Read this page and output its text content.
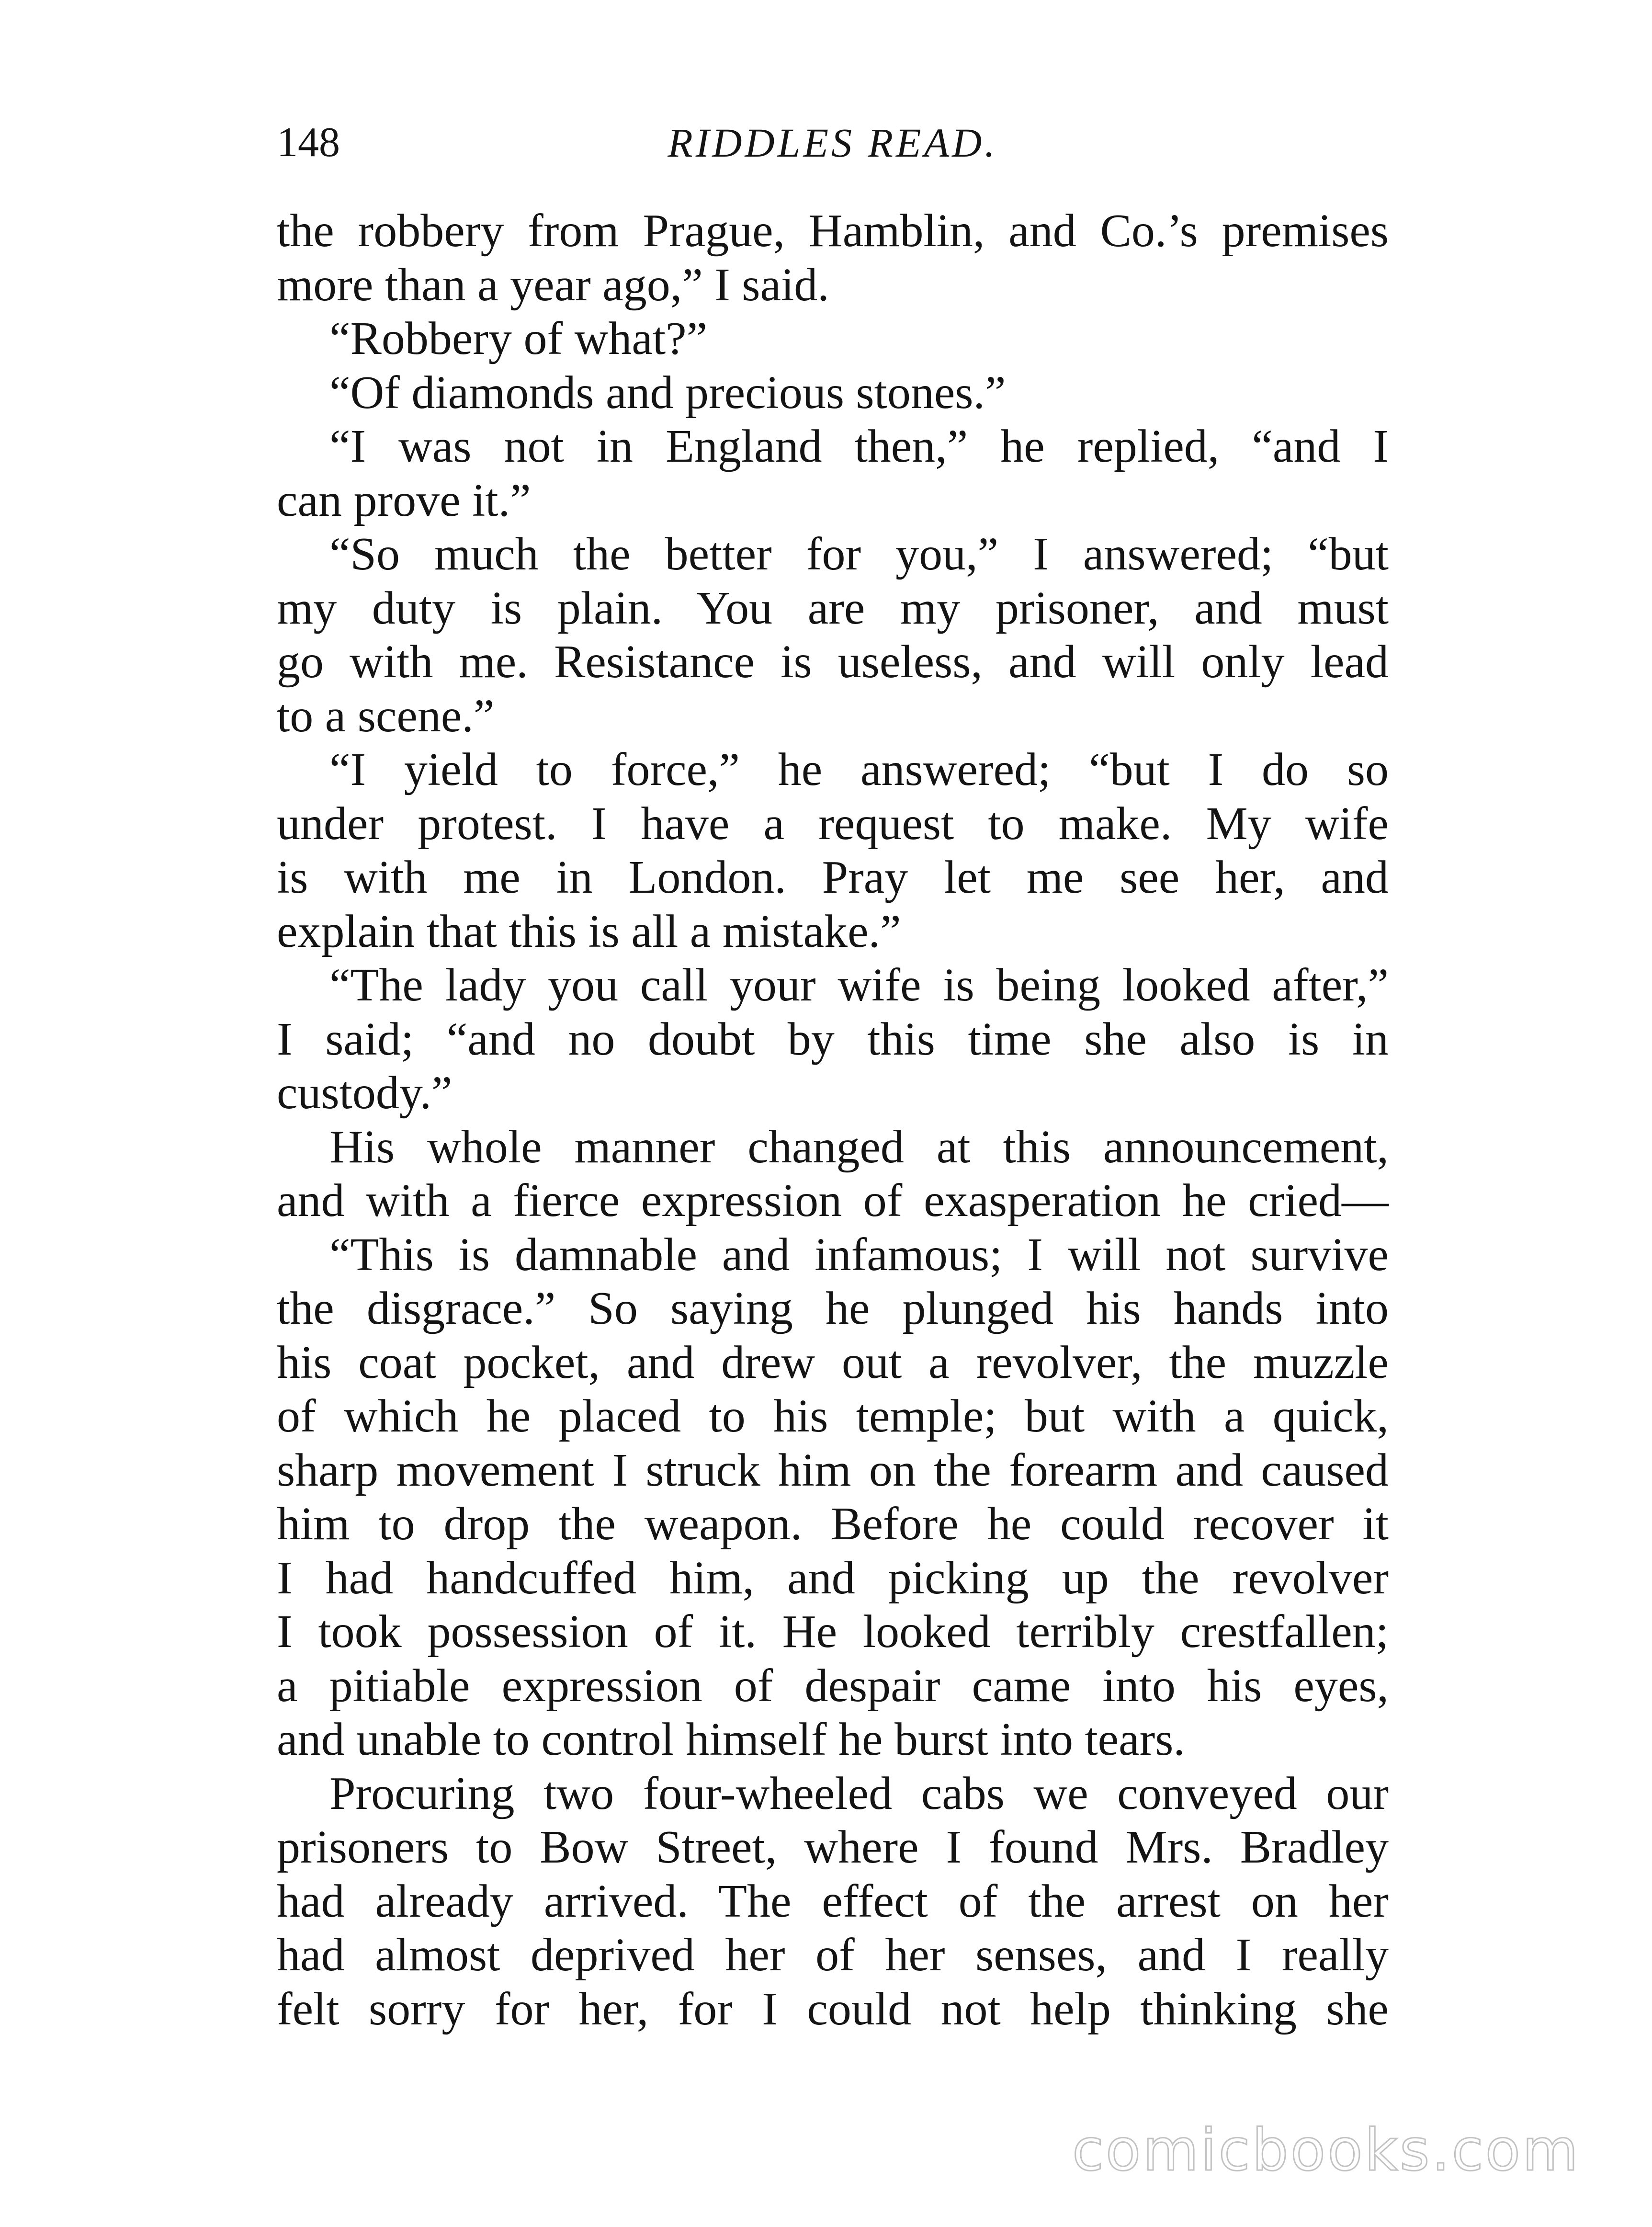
148	RIDDLES READ.
the robbery from Prague, Hamblin, and Co.’s premises
more than a year ago,” I said.
“Robbery of what?”
“Of diamonds and precious stones.”
“I was not in England then,” he replied, “and I
can prove it.”
“So much the better for you,” I answered; “but
my duty is plain. You are my prisoner, and must
go with me. Resistance is useless, and will only lead
to a scene.”
“I yield to force,” he answered; “but I do so
under protest. I have a request to make. My wife
is with me in London. Pray let me see her, and
explain that this is all a mistake.”
“The lady you call your wife is being looked after,”
I said; “and no doubt by this time she also is in
custody.”
His whole manner changed at this announcement,
and with a fierce expression of exasperation he cried—
“This is damnable and infamous; I will not survive
the disgrace.” So saying he plunged his hands into
his coat pocket, and drew out a revolver, the muzzle
of which he placed to his temple; but with a quick,
sharp movement I struck him on the forearm and caused
him to drop the weapon. Before he could recover it
I had handcuffed him, and picking up the revolver
I took possession of it. He looked terribly crestfallen;
a pitiable expression of despair came into his eyes,
and unable to control himself he burst into tears.
Procuring two four-wheeled cabs we conveyed our
prisoners to Bow Street, where I found Mrs. Bradley
had already arrived. The effect of the arrest on her
had almost deprived her of her senses, and I really
felt sorry for her, for I could not help thinking she
comicbooks.com
